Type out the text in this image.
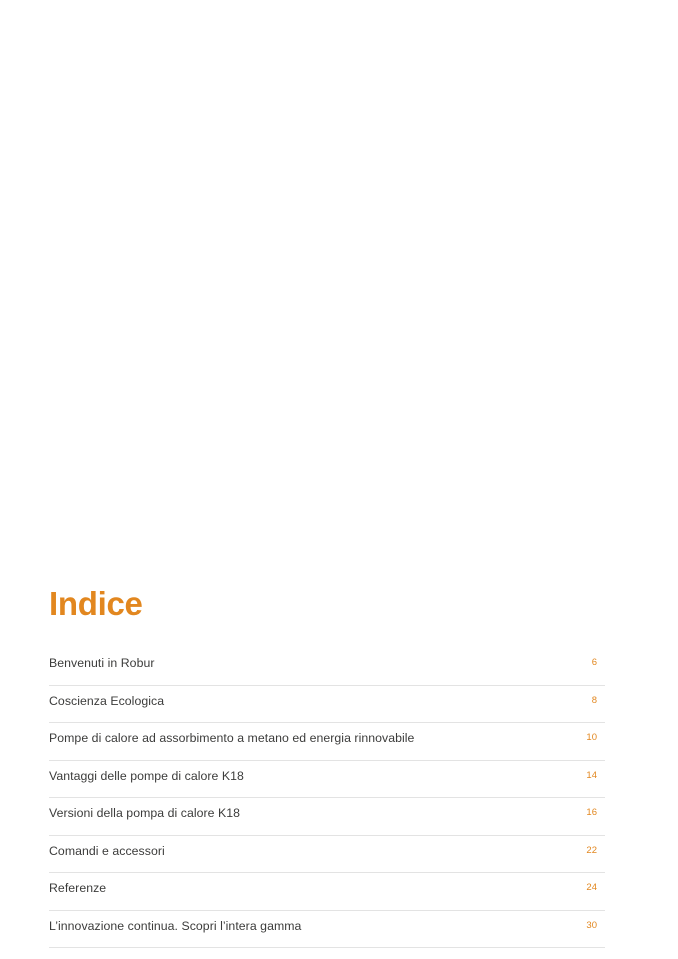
Indice
Benvenuti in Robur	6
Coscienza Ecologica	8
Pompe di calore ad assorbimento a metano ed energia rinnovabile	10
Vantaggi delle pompe di calore K18	14
Versioni della pompa di calore K18	16
Comandi e accessori	22
Referenze	24
L’innovazione continua. Scopri l’intera gamma	30
